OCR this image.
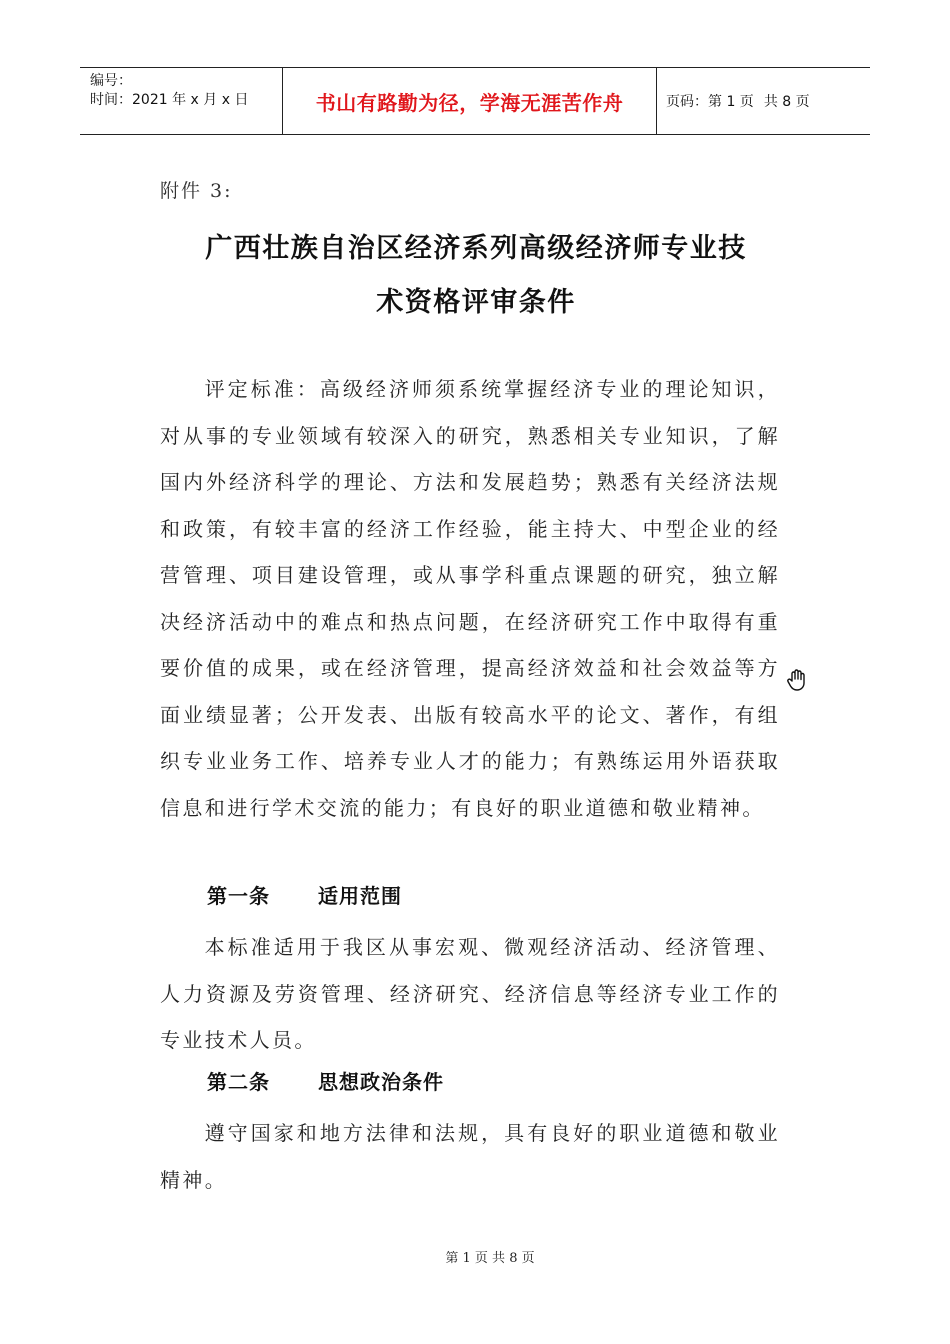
编号：
时间：2021 年 x 月 x 日	书山有路勤为径，学海无涯苦作舟	页码：第 1 页 共 8 页
附件 3:
广西壮族自治区经济系列高级经济师专业技
术资格评审条件
评定标准：高级经济师须系统掌握经济专业的理论知识，对从事的专业领域有较深入的研究，熟悉相关专业知识，了解国内外经济科学的理论、方法和发展趋势；熟悉有关经济法规和政策，有较丰富的经济工作经验，能主持大、中型企业的经营管理、项目建设管理，或从事学科重点课题的研究，独立解决经济活动中的难点和热点问题，在经济研究工作中取得有重要价值的成果，或在经济管理，提高经济效益和社会效益等方面业绩显著；公开发表、出版有较高水平的论文、著作，有组织专业业务工作、培养专业人才的能力；有熟练运用外语获取信息和进行学术交流的能力；有良好的职业道德和敬业精神。
第一条 适用范围
本标准适用于我区从事宏观、微观经济活动、经济管理、人力资源及劳资管理、经济研究、经济信息等经济专业工作的专业技术人员。
第二条 思想政治条件
遵守国家和地方法律和法规，具有良好的职业道德和敬业精神。
第 1 页 共 8 页
